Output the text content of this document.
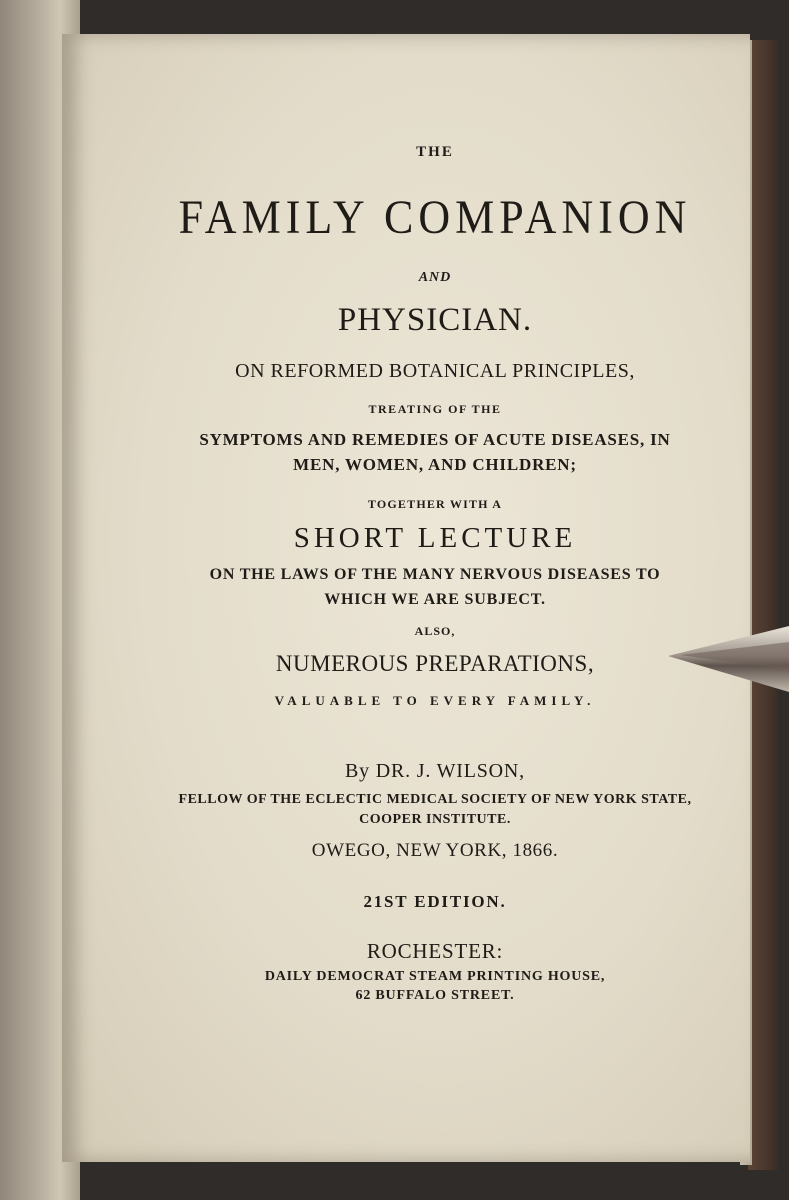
THE
FAMILY COMPANION
AND
PHYSICIAN.
ON REFORMED BOTANICAL PRINCIPLES,
TREATING OF THE
SYMPTOMS AND REMEDIES OF ACUTE DISEASES, IN
MEN, WOMEN, AND CHILDREN;
TOGETHER WITH A
SHORT LECTURE
ON THE LAWS OF THE MANY NERVOUS DISEASES TO
WHICH WE ARE SUBJECT.
ALSO,
NUMEROUS PREPARATIONS,
VALUABLE TO EVERY FAMILY.
By DR. J. WILSON,
FELLOW OF THE ECLECTIC MEDICAL SOCIETY OF NEW YORK STATE,
COOPER INSTITUTE.
OWEGO, NEW YORK, 1866.
21ST EDITION.
ROCHESTER:
DAILY DEMOCRAT STEAM PRINTING HOUSE,
62 BUFFALO STREET.
